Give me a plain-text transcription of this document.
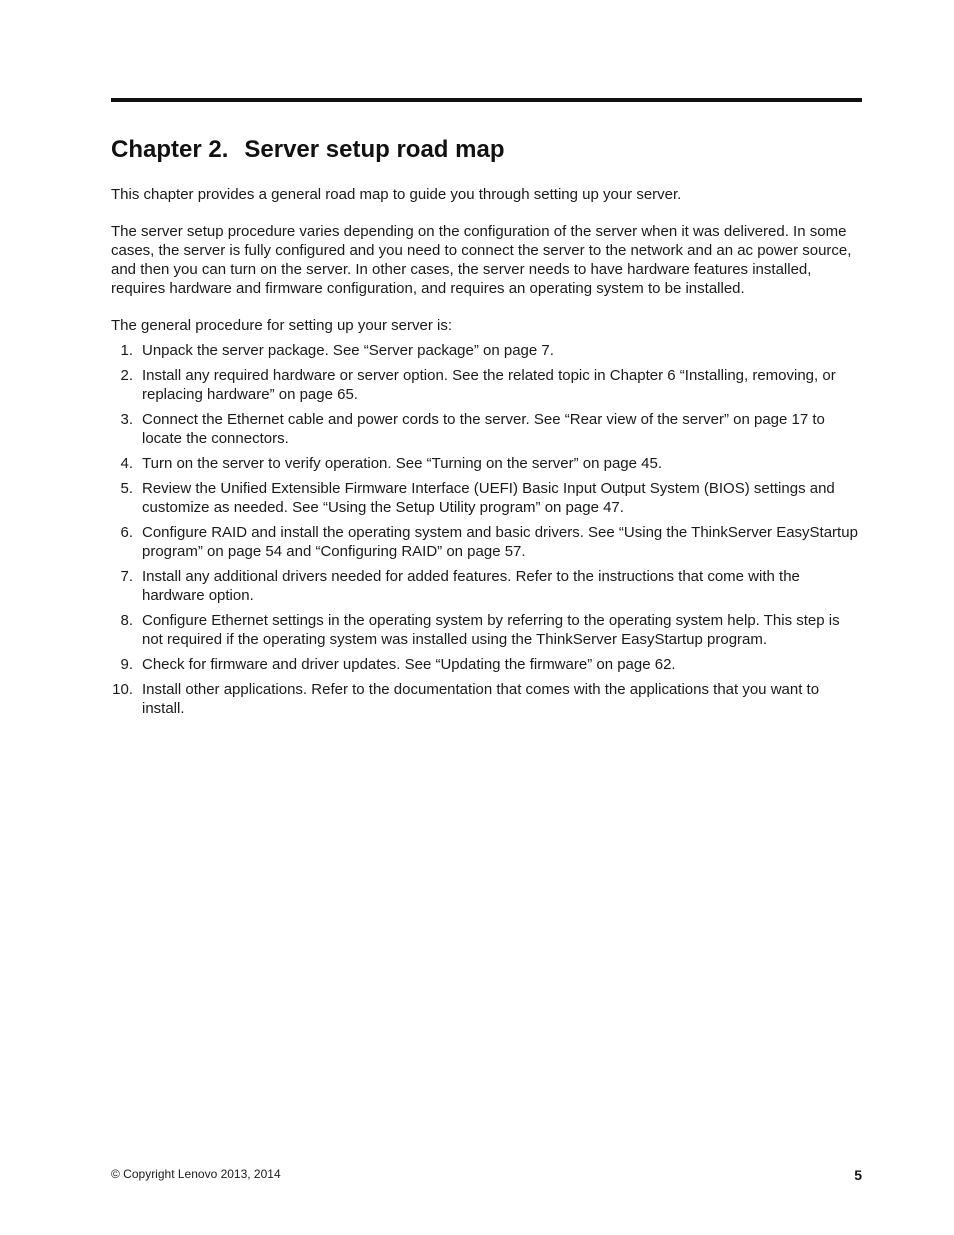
Chapter 2. Server setup road map

This chapter provides a general road map to guide you through setting up your server.

The server setup procedure varies depending on the configuration of the server when it was delivered. In some cases, the server is fully configured and you need to connect the server to the network and an ac power source, and then you can turn on the server. In other cases, the server needs to have hardware features installed, requires hardware and firmware configuration, and requires an operating system to be installed.

The general procedure for setting up your server is:

1. Unpack the server package. See “Server package” on page 7.
2. Install any required hardware or server option. See the related topic in Chapter 6 “Installing, removing, or replacing hardware” on page 65.
3. Connect the Ethernet cable and power cords to the server. See “Rear view of the server” on page 17 to locate the connectors.
4. Turn on the server to verify operation. See “Turning on the server” on page 45.
5. Review the Unified Extensible Firmware Interface (UEFI) Basic Input Output System (BIOS) settings and customize as needed. See “Using the Setup Utility program” on page 47.
6. Configure RAID and install the operating system and basic drivers. See “Using the ThinkServer EasyStartup program” on page 54 and “Configuring RAID” on page 57.
7. Install any additional drivers needed for added features. Refer to the instructions that come with the hardware option.
8. Configure Ethernet settings in the operating system by referring to the operating system help. This step is not required if the operating system was installed using the ThinkServer EasyStartup program.
9. Check for firmware and driver updates. See “Updating the firmware” on page 62.
10. Install other applications. Refer to the documentation that comes with the applications that you want to install.
© Copyright Lenovo 2013, 2014	5
